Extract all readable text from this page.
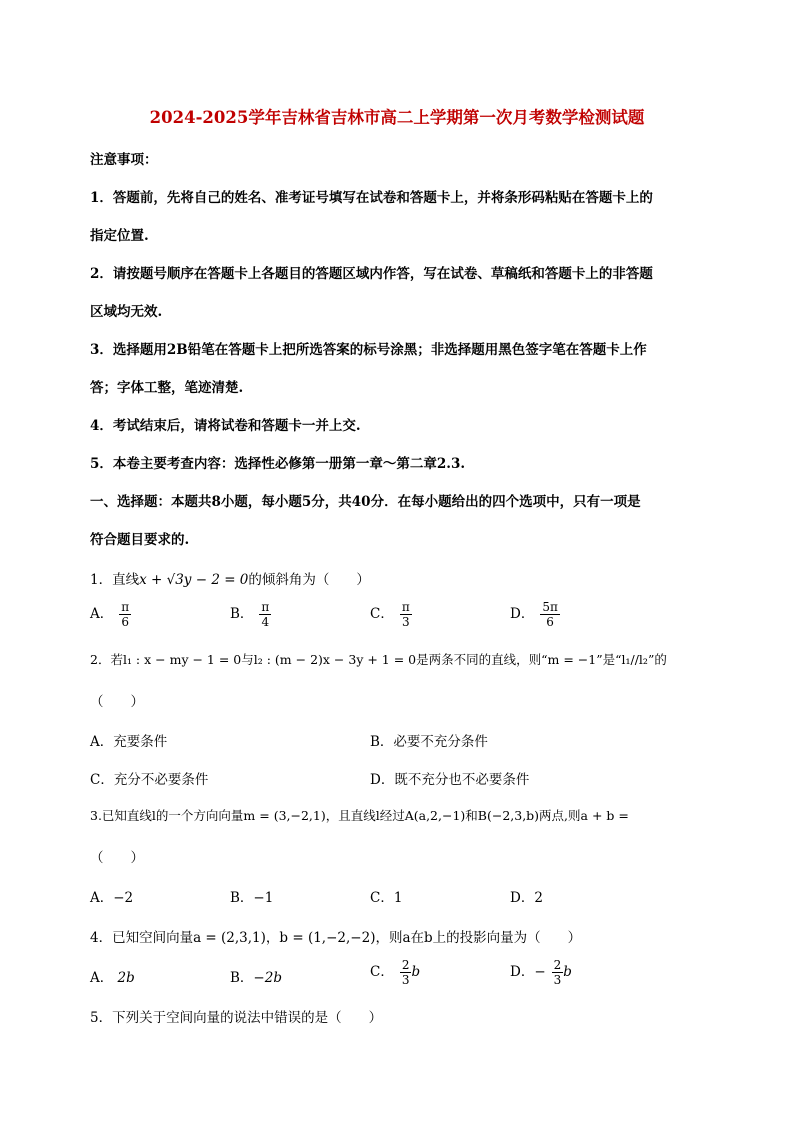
2024-2025学年吉林省吉林市高二上学期第一次月考数学检测试题
注意事项：
1．答题前，先将自己的姓名、准考证号填写在试卷和答题卡上，并将条形码粘贴在答题卡上的
指定位置.
2．请按题号顺序在答题卡上各题目的答题区域内作答，写在试卷、草稿纸和答题卡上的非答题
区域均无效.
3．选择题用2B铅笔在答题卡上把所选答案的标号涂黑；非选择题用黑色签字笔在答题卡上作
答；字体工整，笔迹清楚.
4．考试结束后，请将试卷和答题卡一并上交.
5．本卷主要考查内容：选择性必修第一册第一章～第二章2.3.
一、选择题：本题共8小题，每小题5分，共40分．在每小题给出的四个选项中，只有一项是
符合题目要求的.
1．直线x + √3y − 2 = 0的倾斜角为（　　）
A． $\frac{\pi}{6}$	B． $\frac{\pi}{4}$	C． $\frac{\pi}{3}$	D． $\frac{5\pi}{6}$
2．若l₁ : x − my − 1 = 0与l₂ : (m − 2)x − 3y + 1 = 0是两条不同的直线，则“m = −1”是“l₁//l₂”的
（　　）
A．充要条件	B．必要不充分条件
C．充分不必要条件	D．既不充分也不必要条件
3.已知直线l的一个方向向量m = (3,−2,1)，且直线l经过A(a,2,−1)和B(−2,3,b)两点,则a + b =
（　　）
A．−2	B．−1	C．1	D．2
4．已知空间向量a = (2,3,1)，b = (1,−2,−2)，则a在b上的投影向量为（　　）
A． 2b	B．−2b	C． $\frac{2}{3}$ b	D．− $\frac{2}{3}$ b
5．下列关于空间向量的说法中错误的是（　　）
